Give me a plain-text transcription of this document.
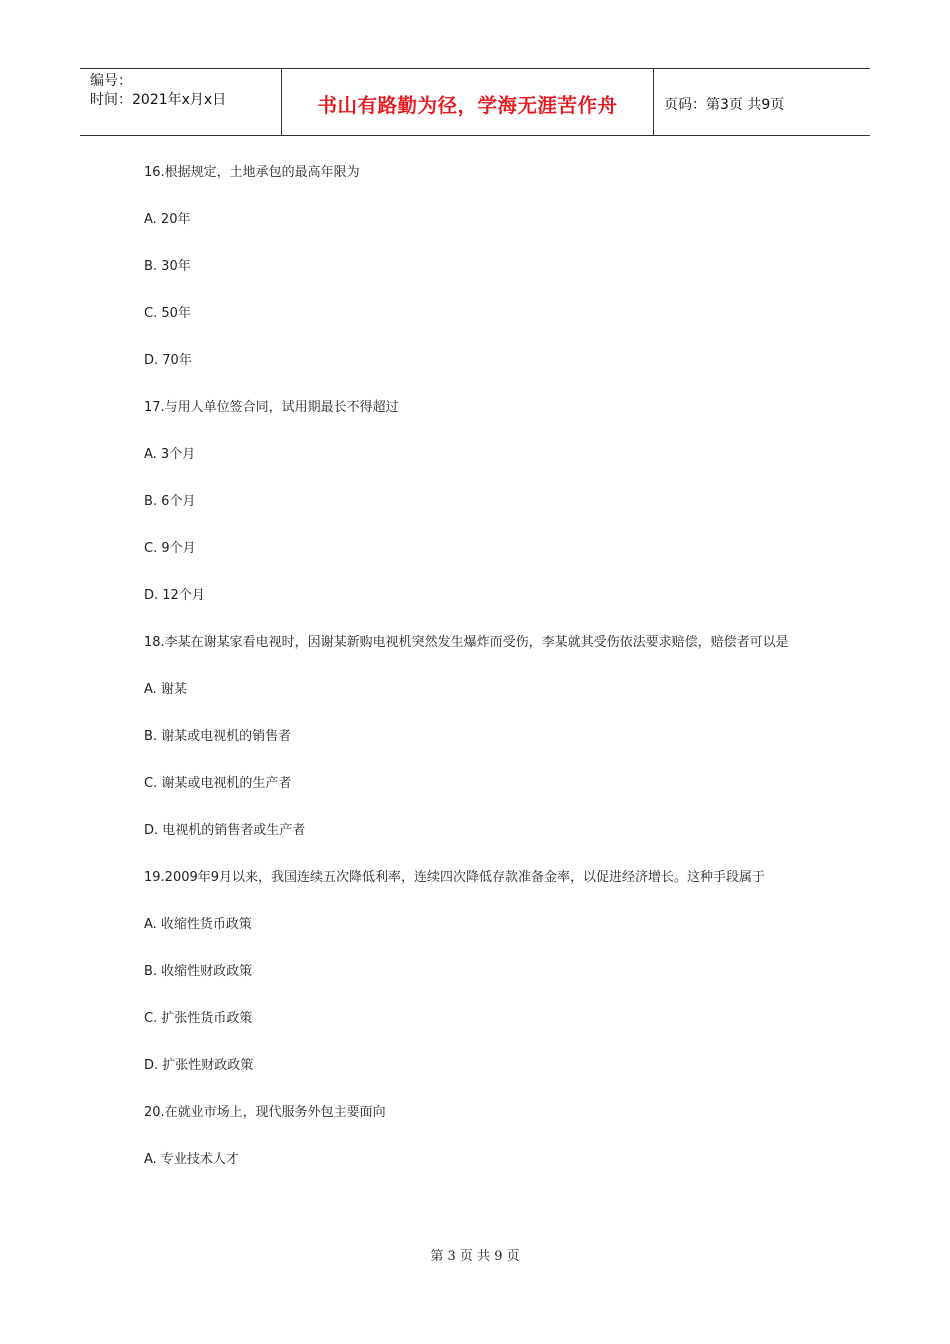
编号：
时间：2021年x月x日	书山有路勤为径，学海无涯苦作舟	页码：第3页 共9页

16.根据规定，土地承包的最高年限为

A. 20年

B. 30年

C. 50年

D. 70年

17.与用人单位签合同，试用期最长不得超过

A. 3个月

B. 6个月

C. 9个月

D. 12个月

18.李某在谢某家看电视时，因谢某新购电视机突然发生爆炸而受伤，李某就其受伤依法要求赔偿，赔偿者可以是

A. 谢某

B. 谢某或电视机的销售者

C. 谢某或电视机的生产者

D. 电视机的销售者或生产者

19.2009年9月以来，我国连续五次降低利率，连续四次降低存款准备金率，以促进经济增长。这种手段属于

A. 收缩性货币政策

B. 收缩性财政政策

C. 扩张性货币政策

D. 扩张性财政政策

20.在就业市场上，现代服务外包主要面向

A. 专业技术人才

第 3 页 共 9 页
